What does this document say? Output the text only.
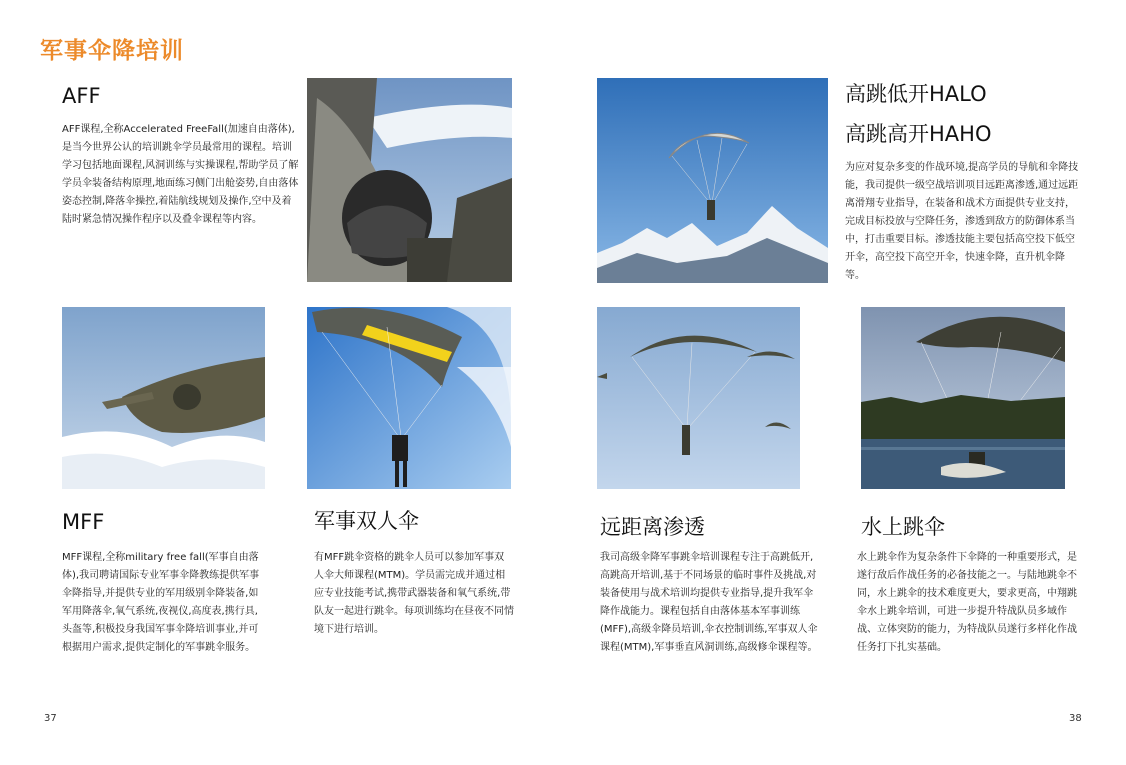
军事伞降培训
AFF
AFF课程,全称Accelerated FreeFall(加速自由落体),是当今世界公认的培训跳伞学员最常用的课程。培训学习包括地面课程,风洞训练与实操课程,帮助学员了解学员伞装备结构原理,地面练习侧门出舱姿势,自由落体姿态控制,降落伞操控,着陆航线规划及操作,空中及着陆时紧急情况操作程序以及叠伞课程等内容。
高跳低开HALO
高跳高开HAHO
为应对复杂多变的作战环境,提高学员的导航和伞降技能，我司提供一级空战培训项目远距离渗透,通过远距离滑翔专业指导，在装备和战术方面提供专业支持，完成目标投放与空降任务，渗透到敌方的防御体系当中，打击重要目标。渗透技能主要包括高空投下低空开伞，高空投下高空开伞，快速伞降，直升机伞降等。
MFF
MFF课程,全称military free fall(军事自由落体),我司聘请国际专业军事伞降教练提供军事伞降指导,并提供专业的军用级别伞降装备,如军用降落伞,氧气系统,夜视仪,高度表,携行具,头盔等,积极投身我国军事伞降培训事业,并可根据用户需求,提供定制化的军事跳伞服务。
军事双人伞
有MFF跳伞资格的跳伞人员可以参加军事双人伞大师课程(MTM)。学员需完成并通过相应专业技能考试,携带武器装备和氧气系统,带队友一起进行跳伞。每项训练均在昼夜不同情境下进行培训。
远距离渗透
我司高级伞降军事跳伞培训课程专注于高跳低开,高跳高开培训,基于不同场景的临时事件及挑战,对装备使用与战术培训均提供专业指导,提升我军伞降作战能力。课程包括自由落体基本军事训练(MFF),高级伞降员培训,伞衣控制训练,军事双人伞课程(MTM),军事垂直风洞训练,高级修伞课程等。
水上跳伞
水上跳伞作为复杂条件下伞降的一种重要形式，是遂行敌后作战任务的必备技能之一。与陆地跳伞不同，水上跳伞的技术难度更大，要求更高，中翔跳伞水上跳伞培训，可进一步提升特战队员多域作战、立体突防的能力，为特战队员遂行多样化作战任务打下扎实基础。
37	38
